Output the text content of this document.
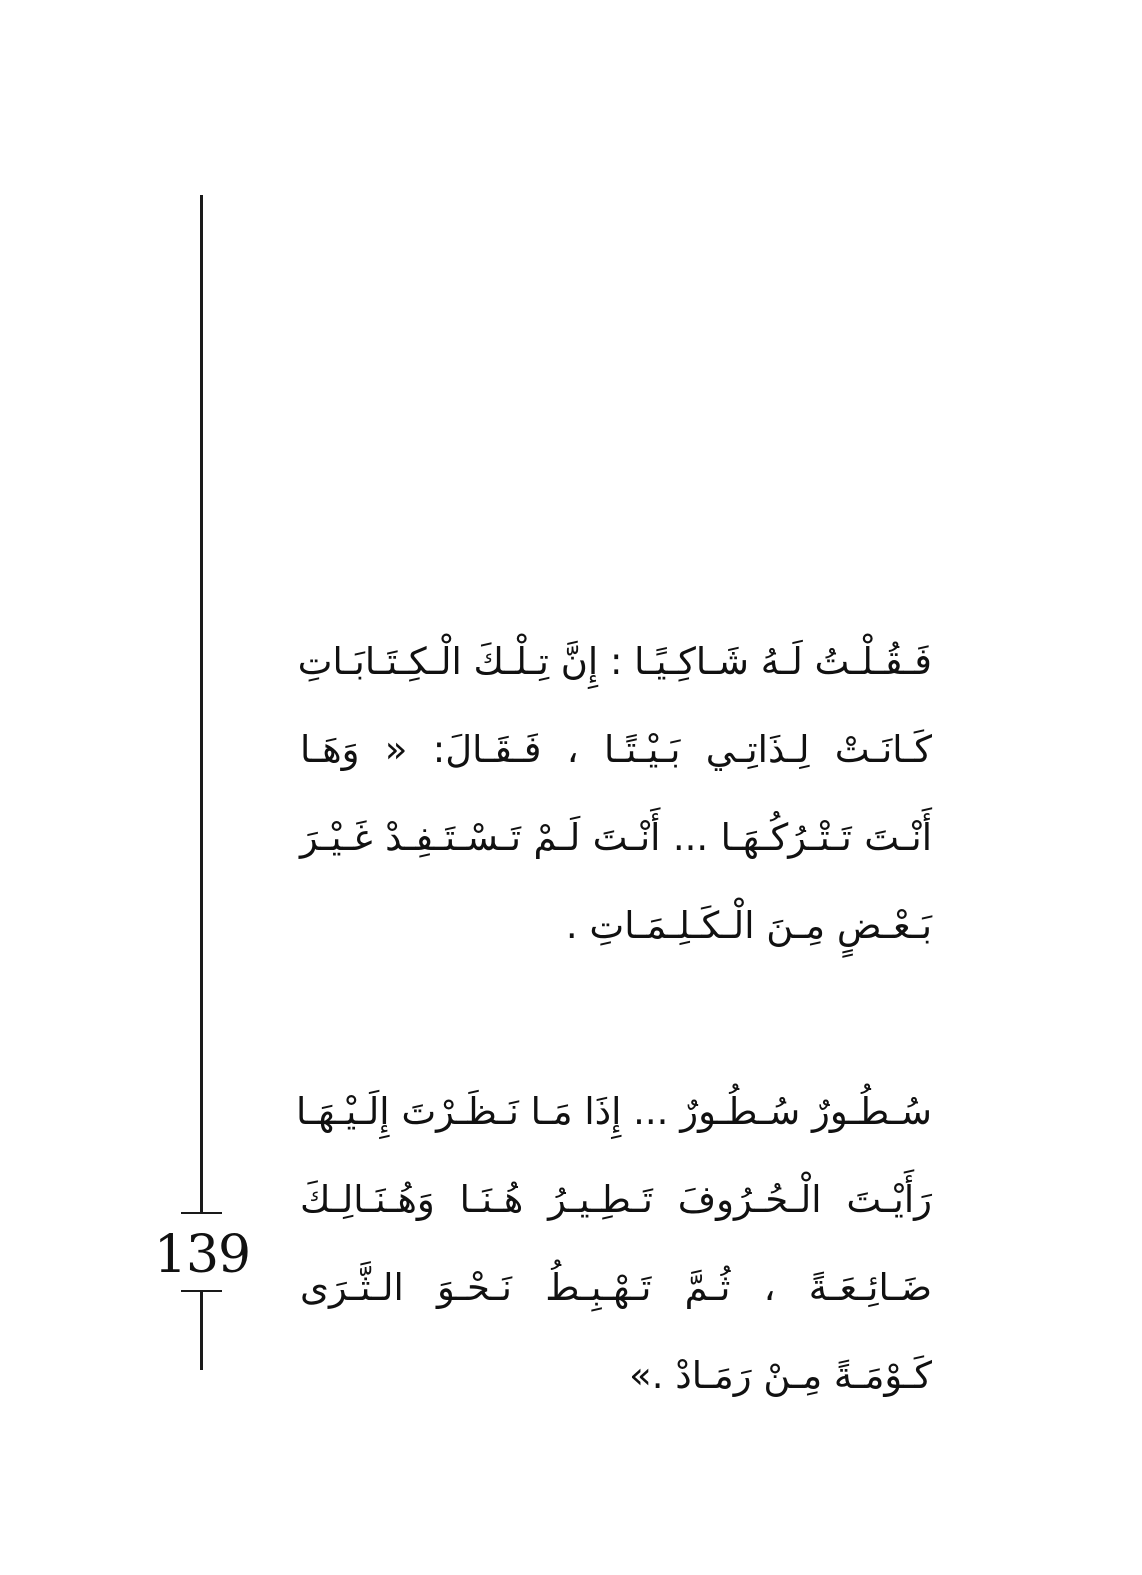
139
فَـقُـلْـتُ لَـهُ شَـاكِـيًـا : إِنَّ تِـلْـكَ الْـكِـتَـابَـاتِ
كَـانَـتْ لِـذَاتِـي بَـيْـتًـا ، فَـقَـالَ: « وَهَـا
أَنْـتَ تَـتْـرُكُـهَـا ... أَنْـتَ لَـمْ تَـسْـتَـفِـدْ غَـيْـرَ
بَـعْـضٍ مِـنَ الْـكَـلِـمَـاتِ .
سُـطُـورٌ سُـطُـورٌ ... إِذَا مَـا نَـظَـرْتَ إِلَـيْـهَـا
رَأَيْـتَ الْـحُـرُوفَ تَـطِـيـرُ هُـنَـا وَهُـنَـالِـكَ
ضَـائِـعَـةً ، ثُـمَّ تَـهْـبِـطُ نَـحْـوَ الـثَّـرَى
كَـوْمَـةً مِـنْ رَمَـادْ .»
